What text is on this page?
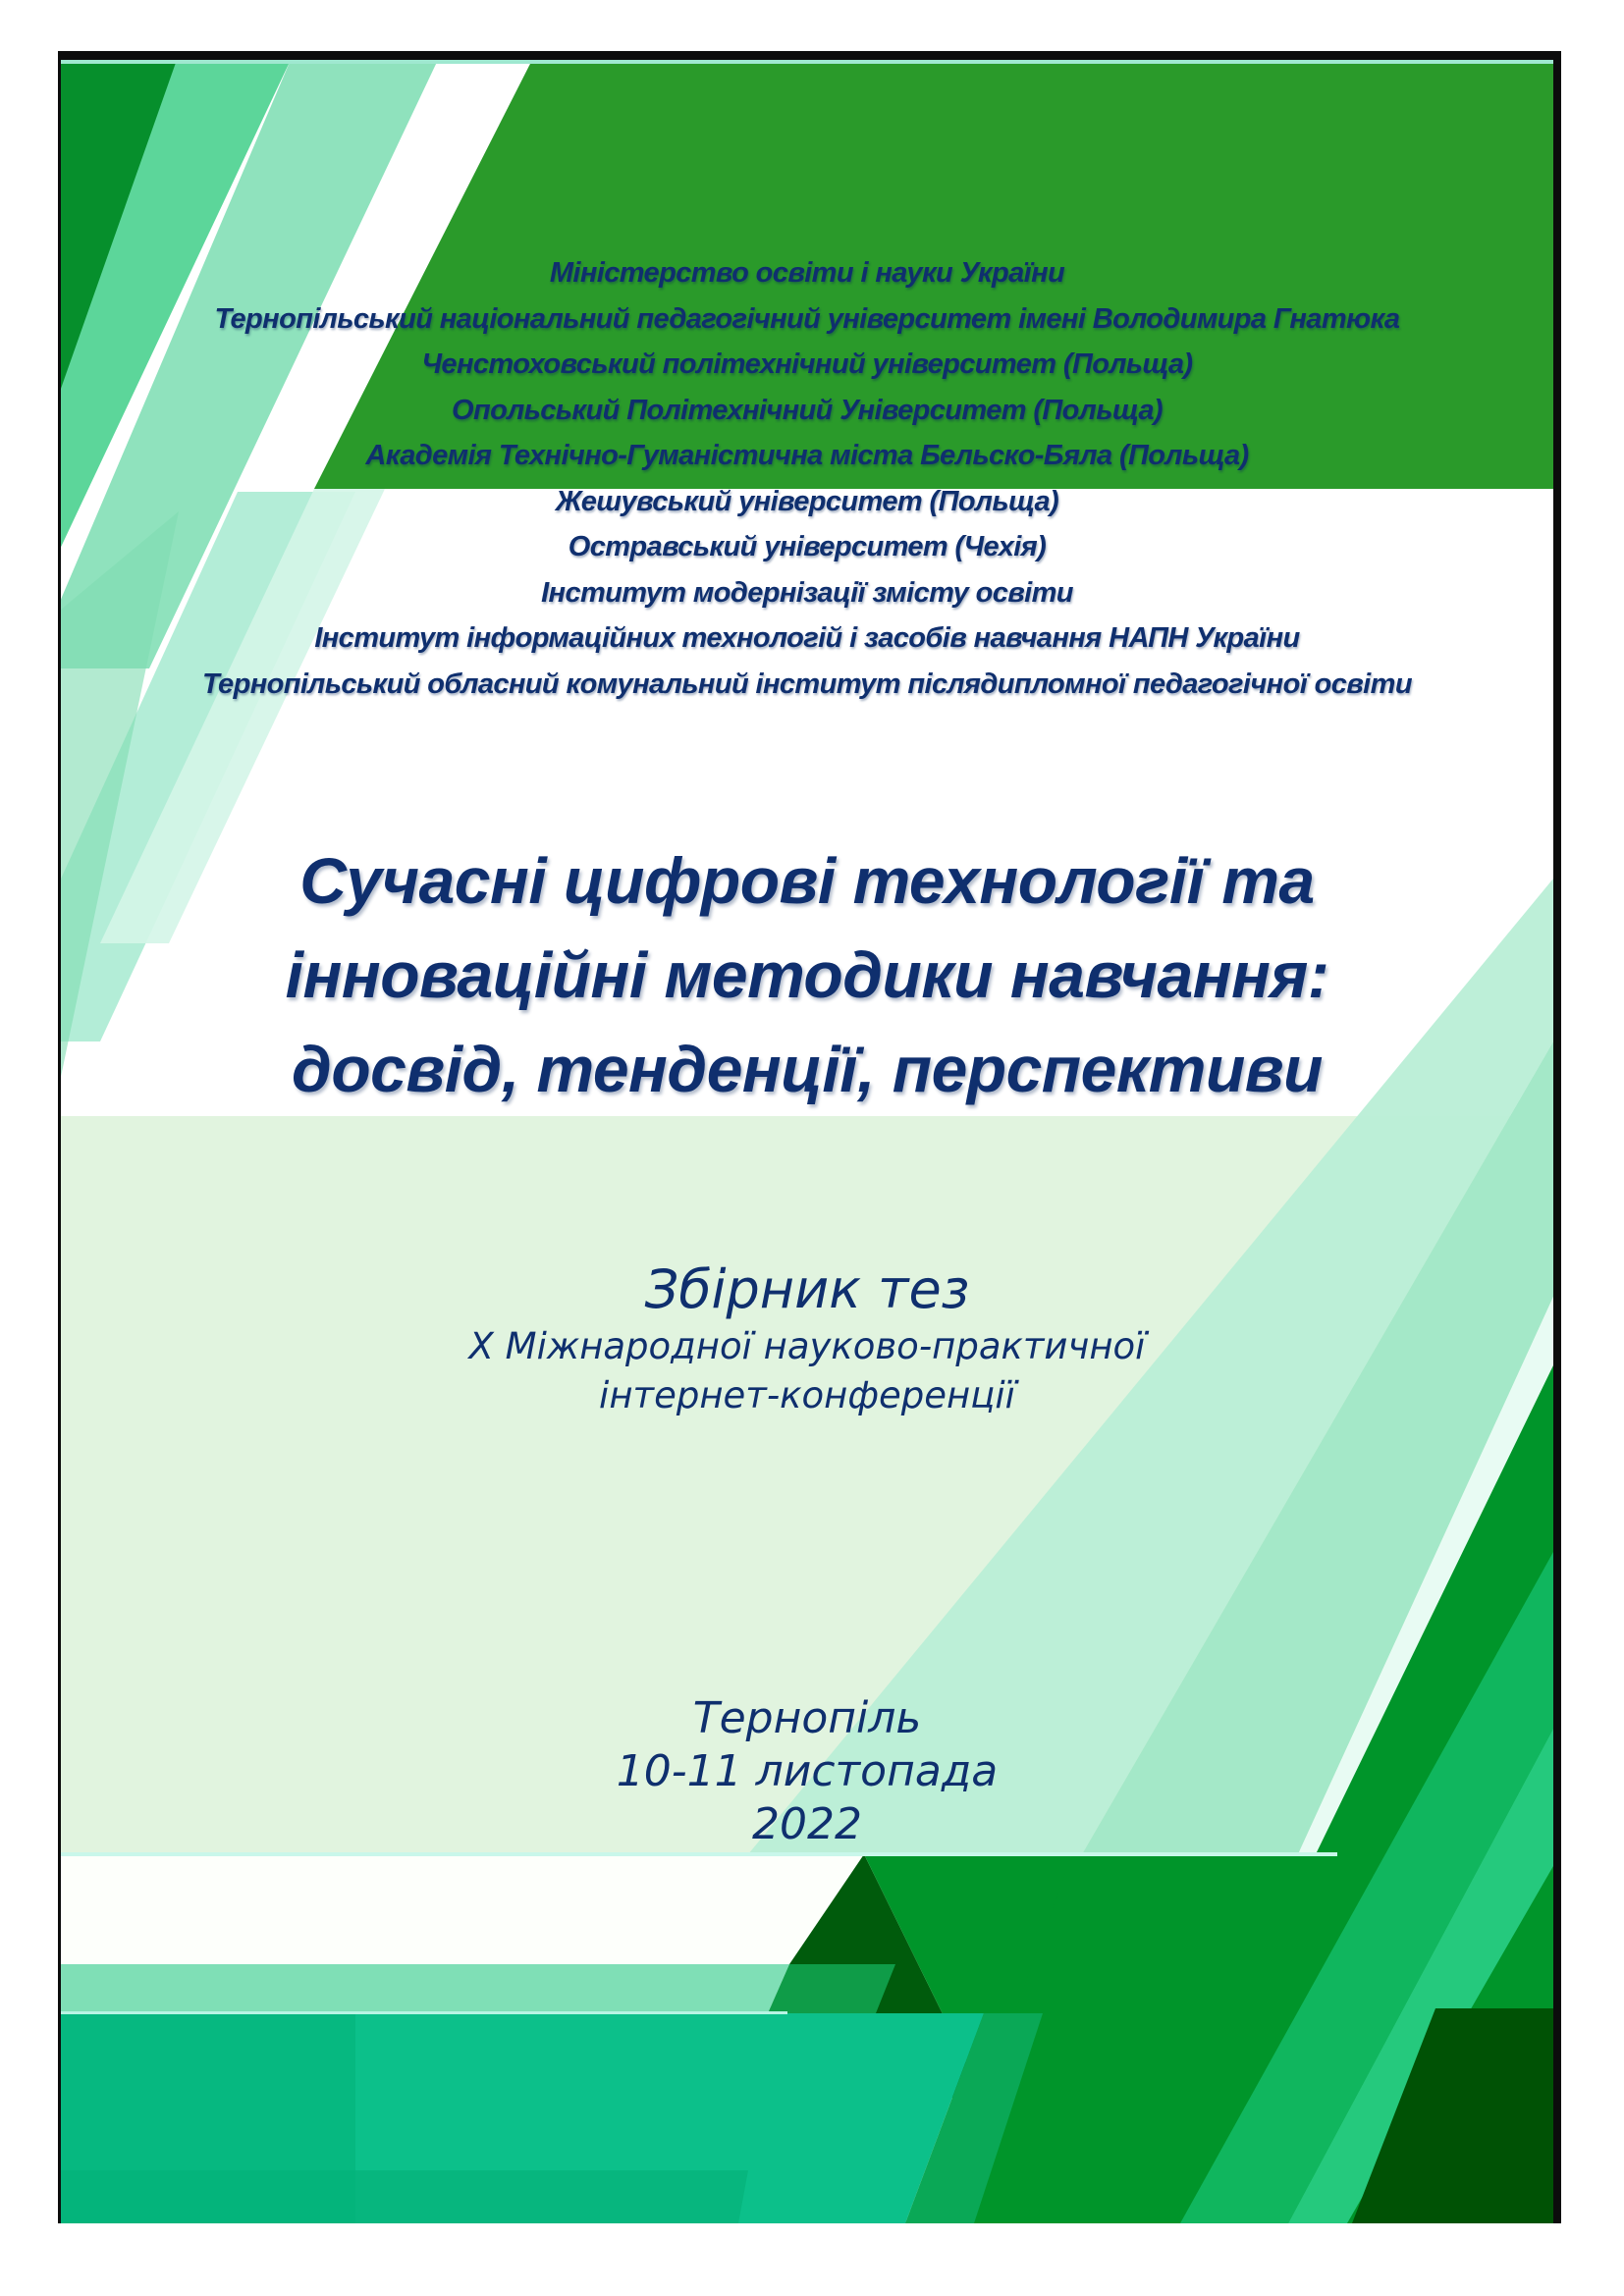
Міністерство освіти і науки України
Тернопільський національний педагогічний університет імені Володимира Гнатюка
Ченстоховський політехнічний університет (Польща)
Опольський Політехнічний Університет (Польща)
Академія Технічно-Гуманістична міста Бельско-Бяла (Польща)
Жешувський університет (Польща)
Остравський університет (Чехія)
Інститут модернізації змісту освіти
Інститут інформаційних технологій і засобів навчання НАПН України
Тернопільський обласний комунальний інститут післядипломної педагогічної освіти
Сучасні цифрові технології та
інноваційні методики навчання:
досвід, тенденції, перспективи
Збірник тез
X Міжнародної науково-практичної
інтернет-конференції
Тернопіль
10-11 листопада
2022
